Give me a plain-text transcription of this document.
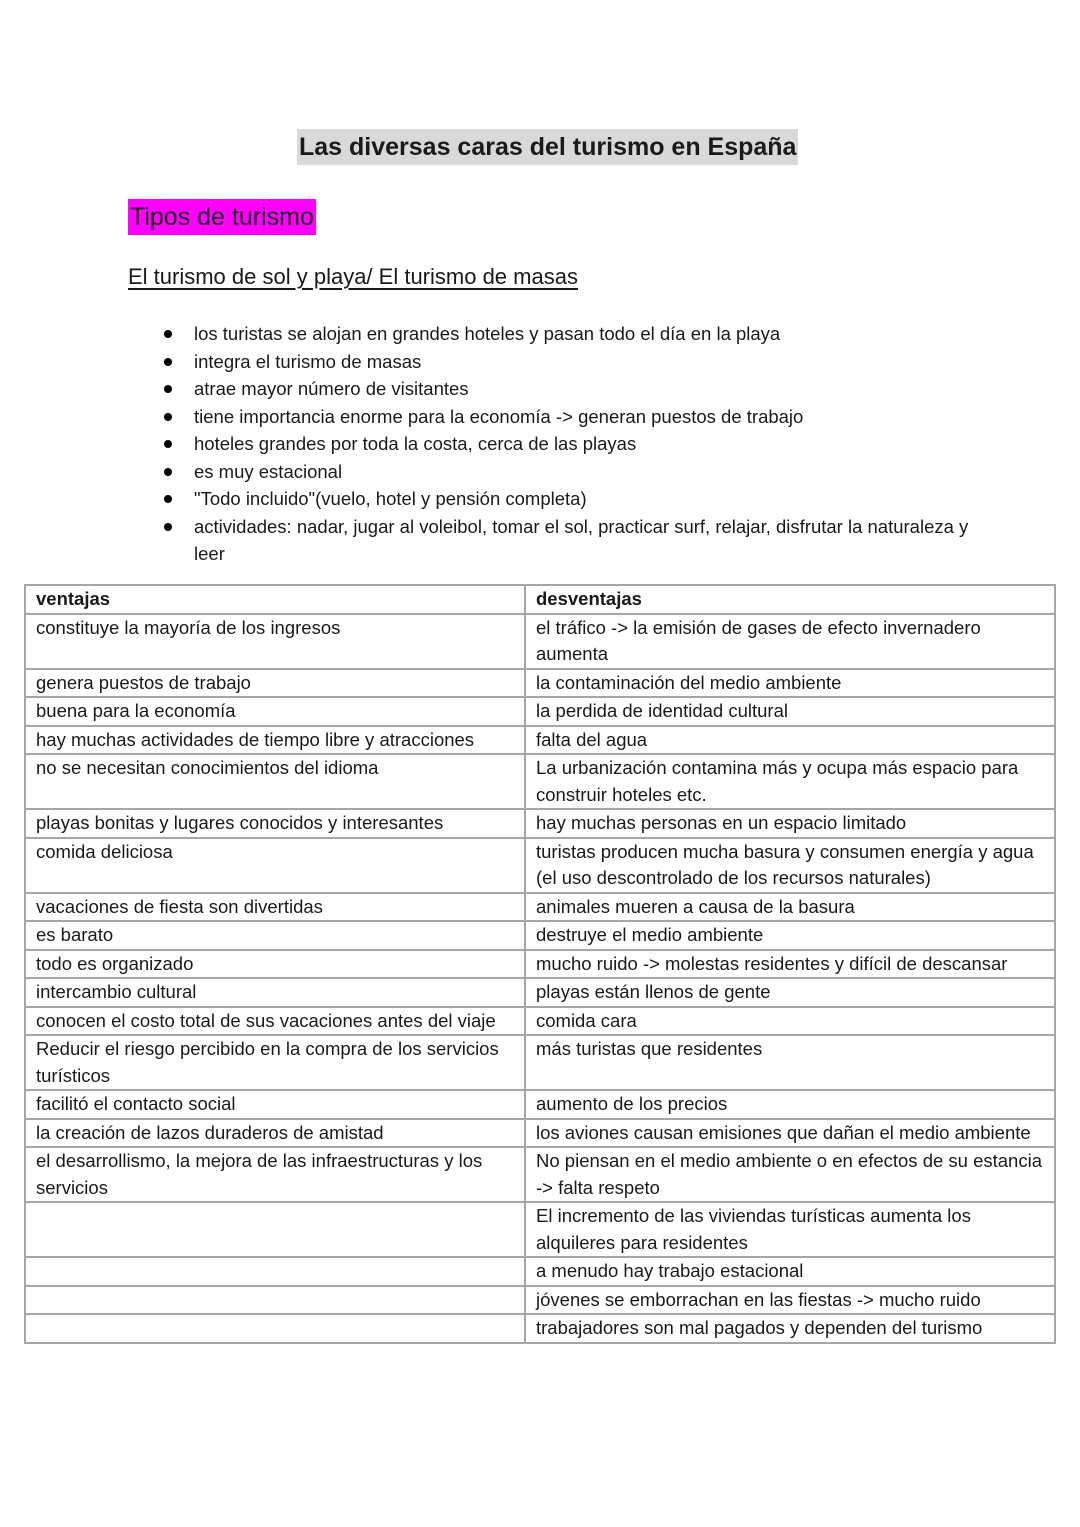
Las diversas caras del turismo en España
Tipos de turismo
El turismo de sol y playa/ El turismo de masas
los turistas se alojan en grandes hoteles y pasan todo el día en la playa
integra el turismo de masas
atrae mayor número de visitantes
tiene importancia enorme para la economía -> generan puestos de trabajo
hoteles grandes por toda la costa, cerca de las playas
es muy estacional
"Todo incluido"(vuelo, hotel y pensión completa)
actividades: nadar, jugar al voleibol, tomar el sol, practicar surf, relajar, disfrutar la naturaleza y leer
ventajas	desventajas
constituye la mayoría de los ingresos	el tráfico -> la emisión de gases de efecto invernadero aumenta
genera puestos de trabajo	la contaminación del medio ambiente
buena para la economía	la perdida de identidad cultural
hay muchas actividades de tiempo libre y atracciones	falta del agua
no se necesitan conocimientos del idioma	La urbanización contamina más y ocupa más espacio para construir hoteles etc.
playas bonitas y lugares conocidos y interesantes	hay muchas personas en un espacio limitado
comida deliciosa	turistas producen mucha basura y consumen energía y agua (el uso descontrolado de los recursos naturales)
vacaciones de fiesta son divertidas	animales mueren a causa de la basura
es barato	destruye el medio ambiente
todo es organizado	mucho ruido -> molestas residentes y difícil de descansar
intercambio cultural	playas están llenos de gente
conocen el costo total de sus vacaciones antes del viaje	comida cara
Reducir el riesgo percibido en la compra de los servicios turísticos	más turistas que residentes
facilitó el contacto social	aumento de los precios
la creación de lazos duraderos de amistad	los aviones causan emisiones que dañan el medio ambiente
el desarrollismo, la mejora de las infraestructuras y los servicios	No piensan en el medio ambiente o en efectos de su estancia -> falta respeto
	El incremento de las viviendas turísticas aumenta los alquileres para residentes
	a menudo hay trabajo estacional
	jóvenes se emborrachan en las fiestas -> mucho ruido
	trabajadores son mal pagados y dependen del turismo
